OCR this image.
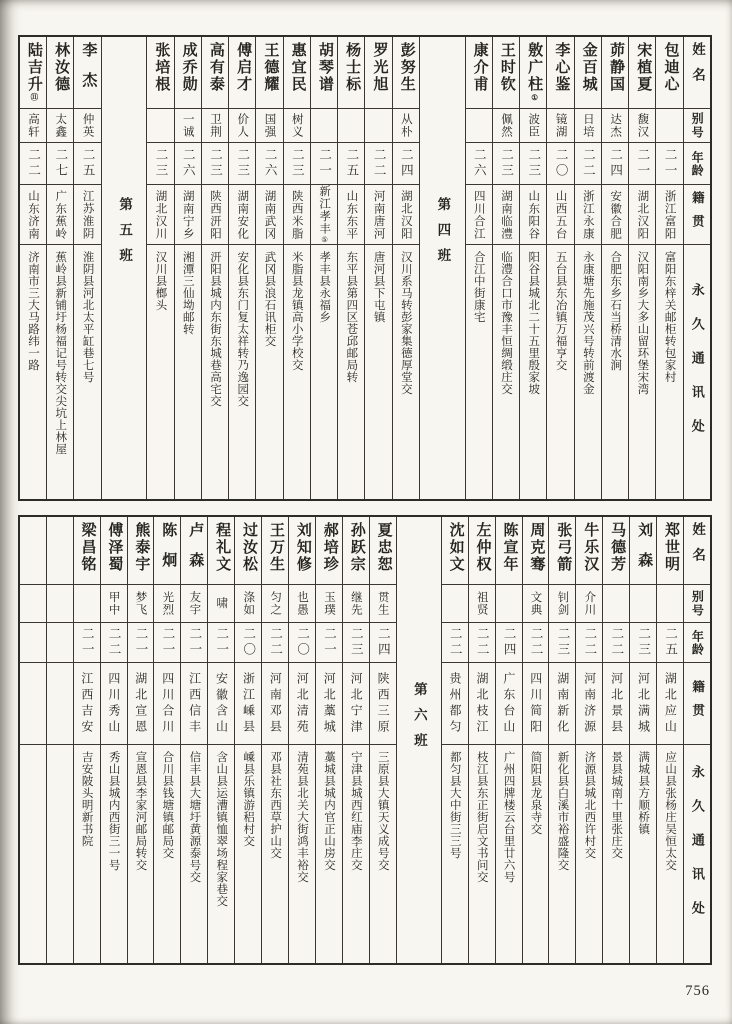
姓名
别号
年龄
籍贯
永久通讯处
包迪心
二一
浙江富阳
富阳东梓关邮柜转包家村
宋植夏
馥汉
二一
湖北汉阳
汉阳南乡大多山留环堡宋湾
茆静国
达杰
二四
安徽合肥
合肥东乡石当桥清水涧
金百城
日培
二二
浙江永康
永康塘先施茂兴号转前渡金
李心鉴
镜湖
二〇
山西五台
五台县东冶镇万福亨交
敫广柱①
波臣
二三
山东阳谷
阳谷县城北二十五里殷家坡
王时钦
佩然
二三
湖南临澧
临澧合口市豫丰恒绸缎庄交
康介甫
二六
四川合江
合江中街康宅
第四班
彭努生
从朴
二四
湖北汉阳
汉川系马转彭家集德厚堂交
罗光旭
二二
河南唐河
唐河县下屯镇
杨士标
二五
山东东平
东平县第四区苍邱邮局转
胡琴谱
二一
新江孝丰⑤
孝丰县永福乡
惠宜民
树义
二三
陕西米脂
米脂县龙镇高小学校交
王德耀
国强
二六
湖南武冈
武冈县浪石讯柜交
傅启才
价人
二三
湖南安化
安化县东门复太祥转乃逸园交
高有泰
卫荆
二三
陕西汧阳
汧阳县城内东街东城巷高宅交
成乔勋
一诚
二六
湖南宁乡
湘潭三仙坳邮转
张培根
二三
湖北汉川
汉川县榔头
第五班
李杰
仲英
二五
江苏淮阴
淮阴县河北太平缸巷七号
林汝德
太鑫
二七
广东蕉岭
蕉岭县新铺圩杨福记号转交尖坑上林屋
陆吉升⑪
高轩
二二
山东济南
济南市三大马路纬一路
姓名
别号
年龄
籍贯
永久通讯处
郑世明
二五
湖北应山
应山县张杨庄吴恒太交
刘森
二三
河北满城
满城县方顺桥镇
马德芳
二二
河北景县
景县城南十里张庄交
牛乐汉
介川
二二
河南济源
济源县城北西许村交
张弓箭
钊剑
二三
湖南新化
新化县白溪市裕盛隆交
周克骞
文典
二二
四川简阳
简阳县龙泉寺交
陈宣年
二四
广东台山
广州四牌楼云台里廿六号
左仲权
祖贤
二二
湖北枝江
枝江县东正街启文书问交
沈如文
二二
贵州都匀
都匀县大中街三三号
第六班
夏忠恕
贯生
二四
陕西三原
三原县大镇天义成号交
孙跃宗
继先
二三
河北宁津
宁津县城西红庙李庄交
郝培珍
玉璞
二一
河北藁城
藁城县城内官正山房交
刘知修
也愚
二〇
河北清苑
清苑县北关大街鸿丰裕交
王万生
匀之
二二
河南邓县
邓县社东西草护山交
过汝松
涤如
二〇
浙江嵊县
嵊县乐镇游稆村交
程礼文
啸
二一
安徽含山
含山县运漕镇恤翠场程家巷交
卢森
友宇
二一
江西信丰
信丰县大塘圩黄源泰号交
陈炯
光烈
二一
四川合川
合川县钱塘镇邮局交
熊泰宇
梦飞
二一
湖北宣恩
宣恩县李家河邮局转交
傅泽蜀
甲中
二二
四川秀山
秀山县城内西街三一号
梁昌铭
二一
江西吉安
吉安陂头明新书院
756
